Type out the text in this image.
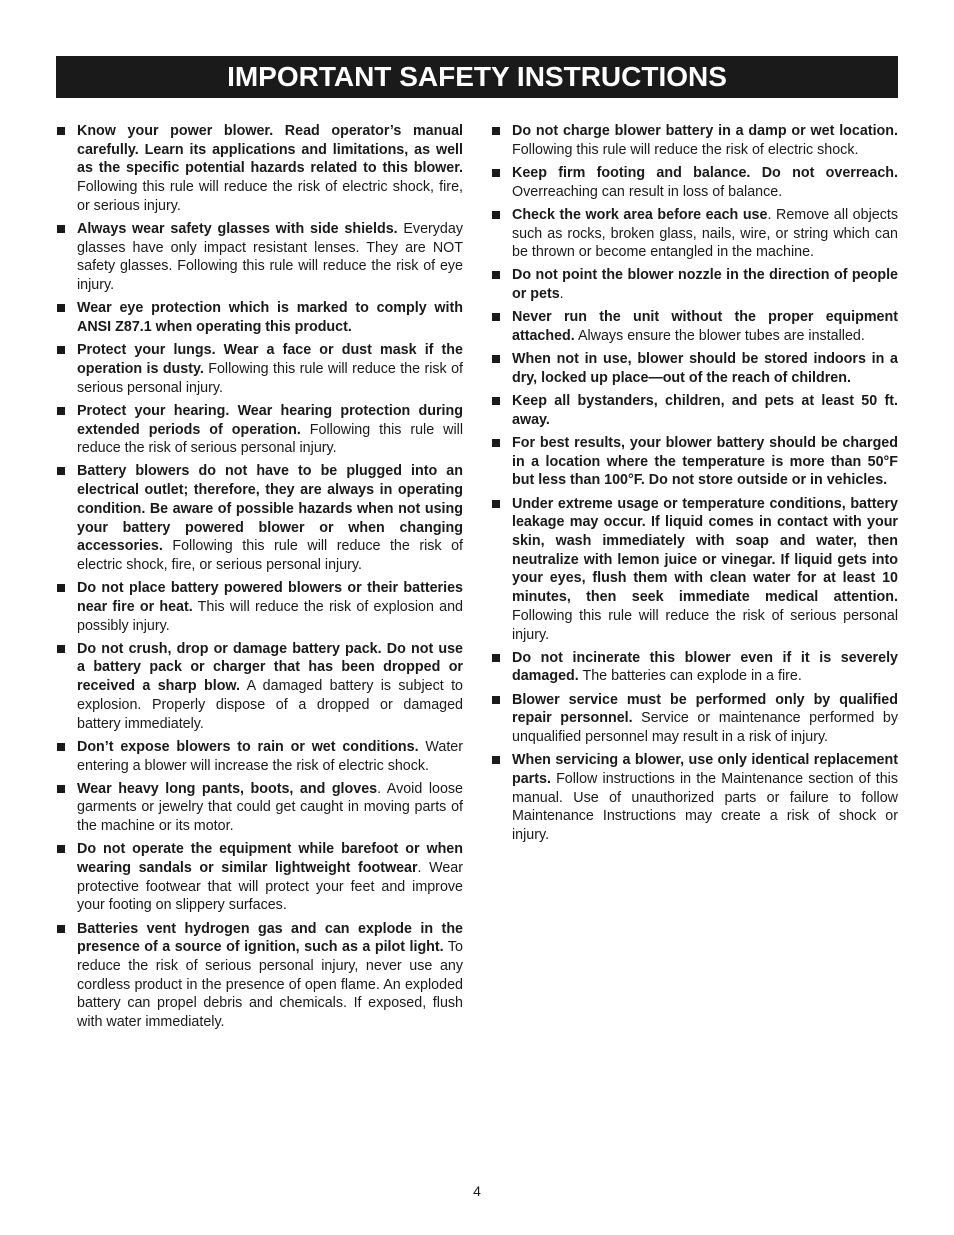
IMPORTANT SAFETY INSTRUCTIONS
Know your power blower. Read operator’s manual carefully. Learn its applications and limitations, as well as the specific potential hazards related to this blower. Following this rule will reduce the risk of electric shock, fire, or serious injury.
Always wear safety glasses with side shields. Everyday glasses have only impact resistant lenses. They are NOT safety glasses. Following this rule will reduce the risk of eye injury.
Wear eye protection which is marked to comply with ANSI Z87.1 when operating this product.
Protect your lungs. Wear a face or dust mask if the operation is dusty. Following this rule will reduce the risk of serious personal injury.
Protect your hearing. Wear hearing protection during extended periods of operation. Following this rule will reduce the risk of serious personal injury.
Battery blowers do not have to be plugged into an electrical outlet; therefore, they are always in operating condition. Be aware of possible hazards when not using your battery powered blower or when changing accessories. Following this rule will reduce the risk of electric shock, fire, or serious personal injury.
Do not place battery powered blowers or their batteries near fire or heat. This will reduce the risk of explosion and possibly injury.
Do not crush, drop or damage battery pack. Do not use a battery pack or charger that has been dropped or received a sharp blow. A damaged battery is subject to explosion. Properly dispose of a dropped or damaged battery immediately.
Don’t expose blowers to rain or wet conditions. Water entering a blower will increase the risk of electric shock.
Wear heavy long pants, boots, and gloves. Avoid loose garments or jewelry that could get caught in moving parts of the machine or its motor.
Do not operate the equipment while barefoot or when wearing sandals or similar lightweight footwear. Wear protective footwear that will protect your feet and improve your footing on slippery surfaces.
Batteries vent hydrogen gas and can explode in the presence of a source of ignition, such as a pilot light. To reduce the risk of serious personal injury, never use any cordless product in the presence of open flame. An exploded battery can propel debris and chemicals. If exposed, flush with water immediately.
Do not charge blower battery in a damp or wet location. Following this rule will reduce the risk of electric shock.
Keep firm footing and balance. Do not overreach. Overreaching can result in loss of balance.
Check the work area before each use. Remove all objects such as rocks, broken glass, nails, wire, or string which can be thrown or become entangled in the machine.
Do not point the blower nozzle in the direction of people or pets.
Never run the unit without the proper equipment attached. Always ensure the blower tubes are installed.
When not in use, blower should be stored indoors in a dry, locked up place—out of the reach of children.
Keep all bystanders, children, and pets at least 50 ft. away.
For best results, your blower battery should be charged in a location where the temperature is more than 50°F but less than 100°F. Do not store outside or in vehicles.
Under extreme usage or temperature conditions, battery leakage may occur. If liquid comes in contact with your skin, wash immediately with soap and water, then neutralize with lemon juice or vinegar. If liquid gets into your eyes, flush them with clean water for at least 10 minutes, then seek immediate medical attention. Following this rule will reduce the risk of serious personal injury.
Do not incinerate this blower even if it is severely damaged. The batteries can explode in a fire.
Blower service must be performed only by qualified repair personnel. Service or maintenance performed by unqualified personnel may result in a risk of injury.
When servicing a blower, use only identical replacement parts. Follow instructions in the Maintenance section of this manual. Use of unauthorized parts or failure to follow Maintenance Instructions may create a risk of shock or injury.
4
